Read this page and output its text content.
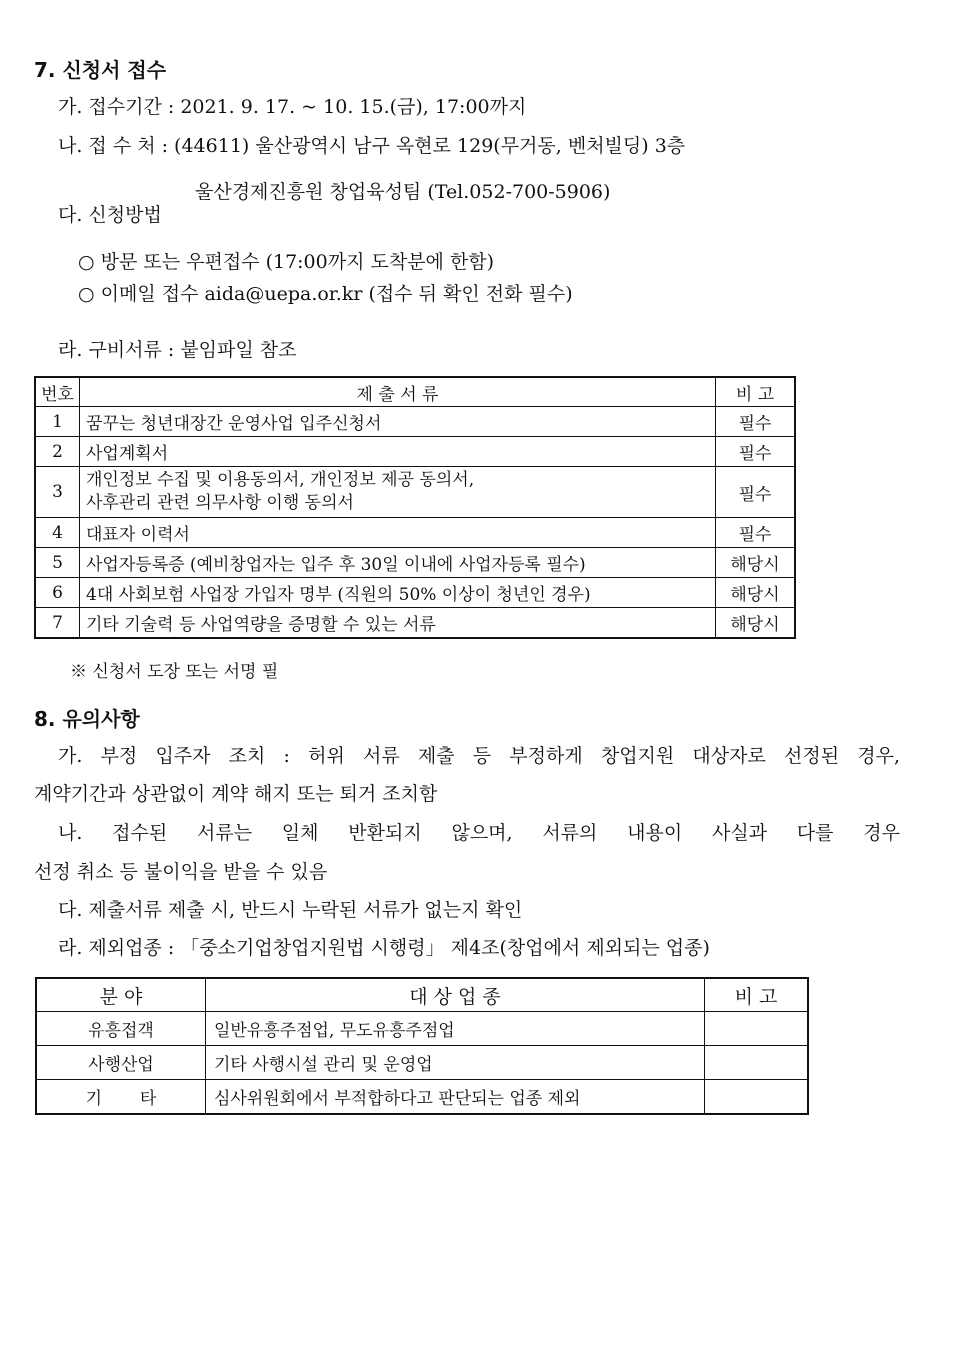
7. 신청서 접수
가. 접수기간 : 2021. 9. 17. ~ 10. 15.(금), 17:00까지
나. 접 수 처 : (44611) 울산광역시 남구 옥현로 129(무거동, 벤처빌딩) 3층
울산경제진흥원 창업육성팀 (Tel.052-700-5906)
다. 신청방법
○ 방문 또는 우편접수 (17:00까지 도착분에 한함)
○ 이메일 접수 aida@uepa.or.kr (접수 뒤 확인 전화 필수)
라. 구비서류 : 붙임파일 참조
번호	제 출 서 류	비 고
1	꿈꾸는 청년대장간 운영사업 입주신청서	필수
2	사업계획서	필수
3	개인정보 수집 및 이용동의서, 개인정보 제공 동의서,
사후관리 관련 의무사항 이행 동의서	필수
4	대표자 이력서	필수
5	사업자등록증 (예비창업자는 입주 후 30일 이내에 사업자등록 필수)	해당시
6	4대 사회보험 사업장 가입자 명부 (직원의 50% 이상이 청년인 경우)	해당시
7	기타 기술력 등 사업역량을 증명할 수 있는 서류	해당시
※ 신청서 도장 또는 서명 필
8. 유의사항
가. 부정 입주자 조치 : 허위 서류 제출 등 부정하게 창업지원 대상자로 선정된 경우,
계약기간과 상관없이 계약 해지 또는 퇴거 조치함
나. 접수된 서류는 일체 반환되지 않으며, 서류의 내용이 사실과 다를 경우
선정 취소 등 불이익을 받을 수 있음
다. 제출서류 제출 시, 반드시 누락된 서류가 없는지 확인
라. 제외업종 : 「중소기업창업지원법 시행령」 제4조(창업에서 제외되는 업종)
분 야	대 상 업 종	비 고
유흥접객	일반유흥주점업, 무도유흥주점업	
사행산업	기타 사행시설 관리 및 운영업	
기       타	심사위원회에서 부적합하다고 판단되는 업종 제외	
